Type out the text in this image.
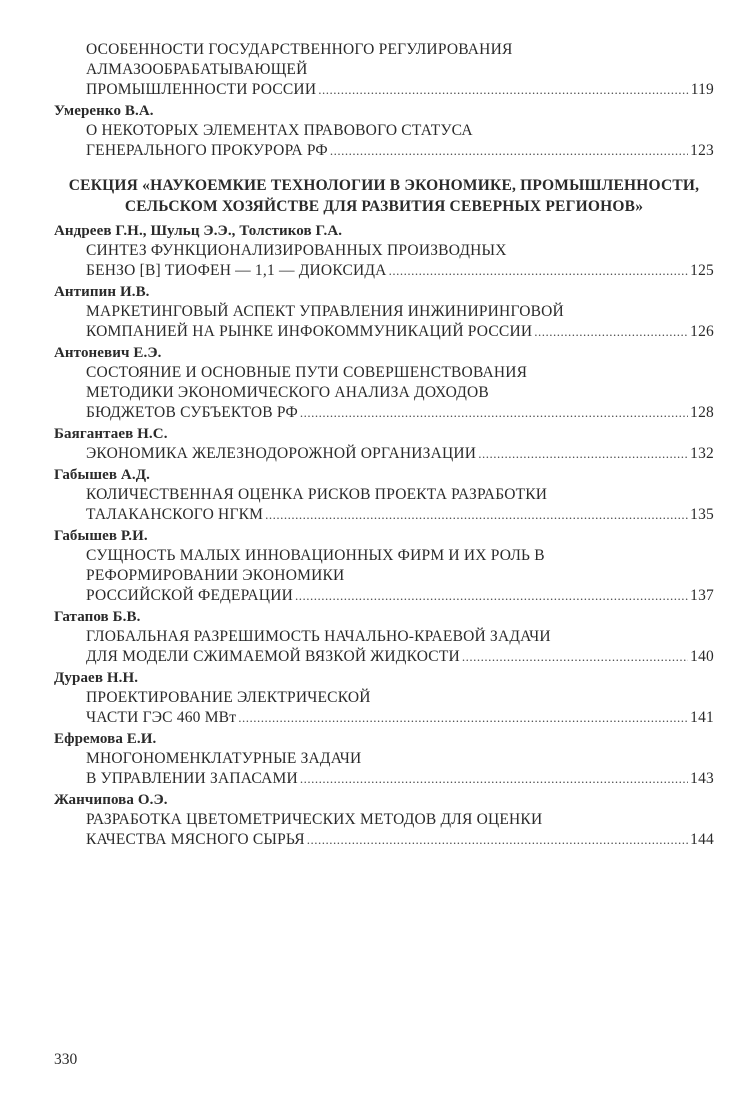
ОСОБЕННОСТИ ГОСУДАРСТВЕННОГО РЕГУЛИРОВАНИЯ
АЛМАЗООБРАБАТЫВАЮЩЕЙ
ПРОМЫШЛЕННОСТИ РОССИИ .....	119
Умеренко В.А.
О НЕКОТОРЫХ ЭЛЕМЕНТАХ ПРАВОВОГО СТАТУСА
ГЕНЕРАЛЬНОГО ПРОКУРОРА РФ .....	123
СЕКЦИЯ «НАУКОЕМКИЕ ТЕХНОЛОГИИ В ЭКОНОМИКЕ, ПРОМЫШЛЕННОСТИ, СЕЛЬСКОМ ХОЗЯЙСТВЕ ДЛЯ РАЗВИТИЯ СЕВЕРНЫХ РЕГИОНОВ»
Андреев Г.Н., Шульц Э.Э., Толстиков Г.А.
СИНТЕЗ ФУНКЦИОНАЛИЗИРОВАННЫХ ПРОИЗВОДНЫХ
БЕНЗО [B] ТИОФЕН — 1,1 — ДИОКСИДА .....	125
Антипин И.В.
МАРКЕТИНГОВЫЙ АСПЕКТ УПРАВЛЕНИЯ ИНЖИНИРИНГОВОЙ
КОМПАНИЕЙ НА РЫНКЕ ИНФОКОММУНИКАЦИЙ РОССИИ .....	126
Антоневич Е.Э.
СОСТОЯНИЕ И ОСНОВНЫЕ ПУТИ СОВЕРШЕНСТВОВАНИЯ
МЕТОДИКИ ЭКОНОМИЧЕСКОГО АНАЛИЗА ДОХОДОВ
БЮДЖЕТОВ СУБЪЕКТОВ РФ .....	128
Баягантаев Н.С.
ЭКОНОМИКА ЖЕЛЕЗНОДОРОЖНОЙ ОРГАНИЗАЦИИ .....	132
Габышев А.Д.
КОЛИЧЕСТВЕННАЯ ОЦЕНКА РИСКОВ ПРОЕКТА РАЗРАБОТКИ
ТАЛАКАНСКОГО НГКМ .....	135
Габышев Р.И.
СУЩНОСТЬ МАЛЫХ ИННОВАЦИОННЫХ ФИРМ И ИХ РОЛЬ В
РЕФОРМИРОВАНИИ ЭКОНОМИКИ
РОССИЙСКОЙ ФЕДЕРАЦИИ .....	137
Гатапов Б.В.
ГЛОБАЛЬНАЯ РАЗРЕШИМОСТЬ НАЧАЛЬНО-КРАЕВОЙ ЗАДАЧИ
ДЛЯ МОДЕЛИ СЖИМАЕМОЙ ВЯЗКОЙ ЖИДКОСТИ .....	140
Дураев Н.Н.
ПРОЕКТИРОВАНИЕ ЭЛЕКТРИЧЕСКОЙ
ЧАСТИ ГЭС 460 МВт .....	141
Ефремова Е.И.
МНОГОНОМЕНКЛАТУРНЫЕ ЗАДАЧИ
В УПРАВЛЕНИИ ЗАПАСАМИ .....	143
Жанчипова О.Э.
РАЗРАБОТКА ЦВЕТОМЕТРИЧЕСКИХ МЕТОДОВ ДЛЯ ОЦЕНКИ
КАЧЕСТВА МЯСНОГО СЫРЬЯ .....	144
330
